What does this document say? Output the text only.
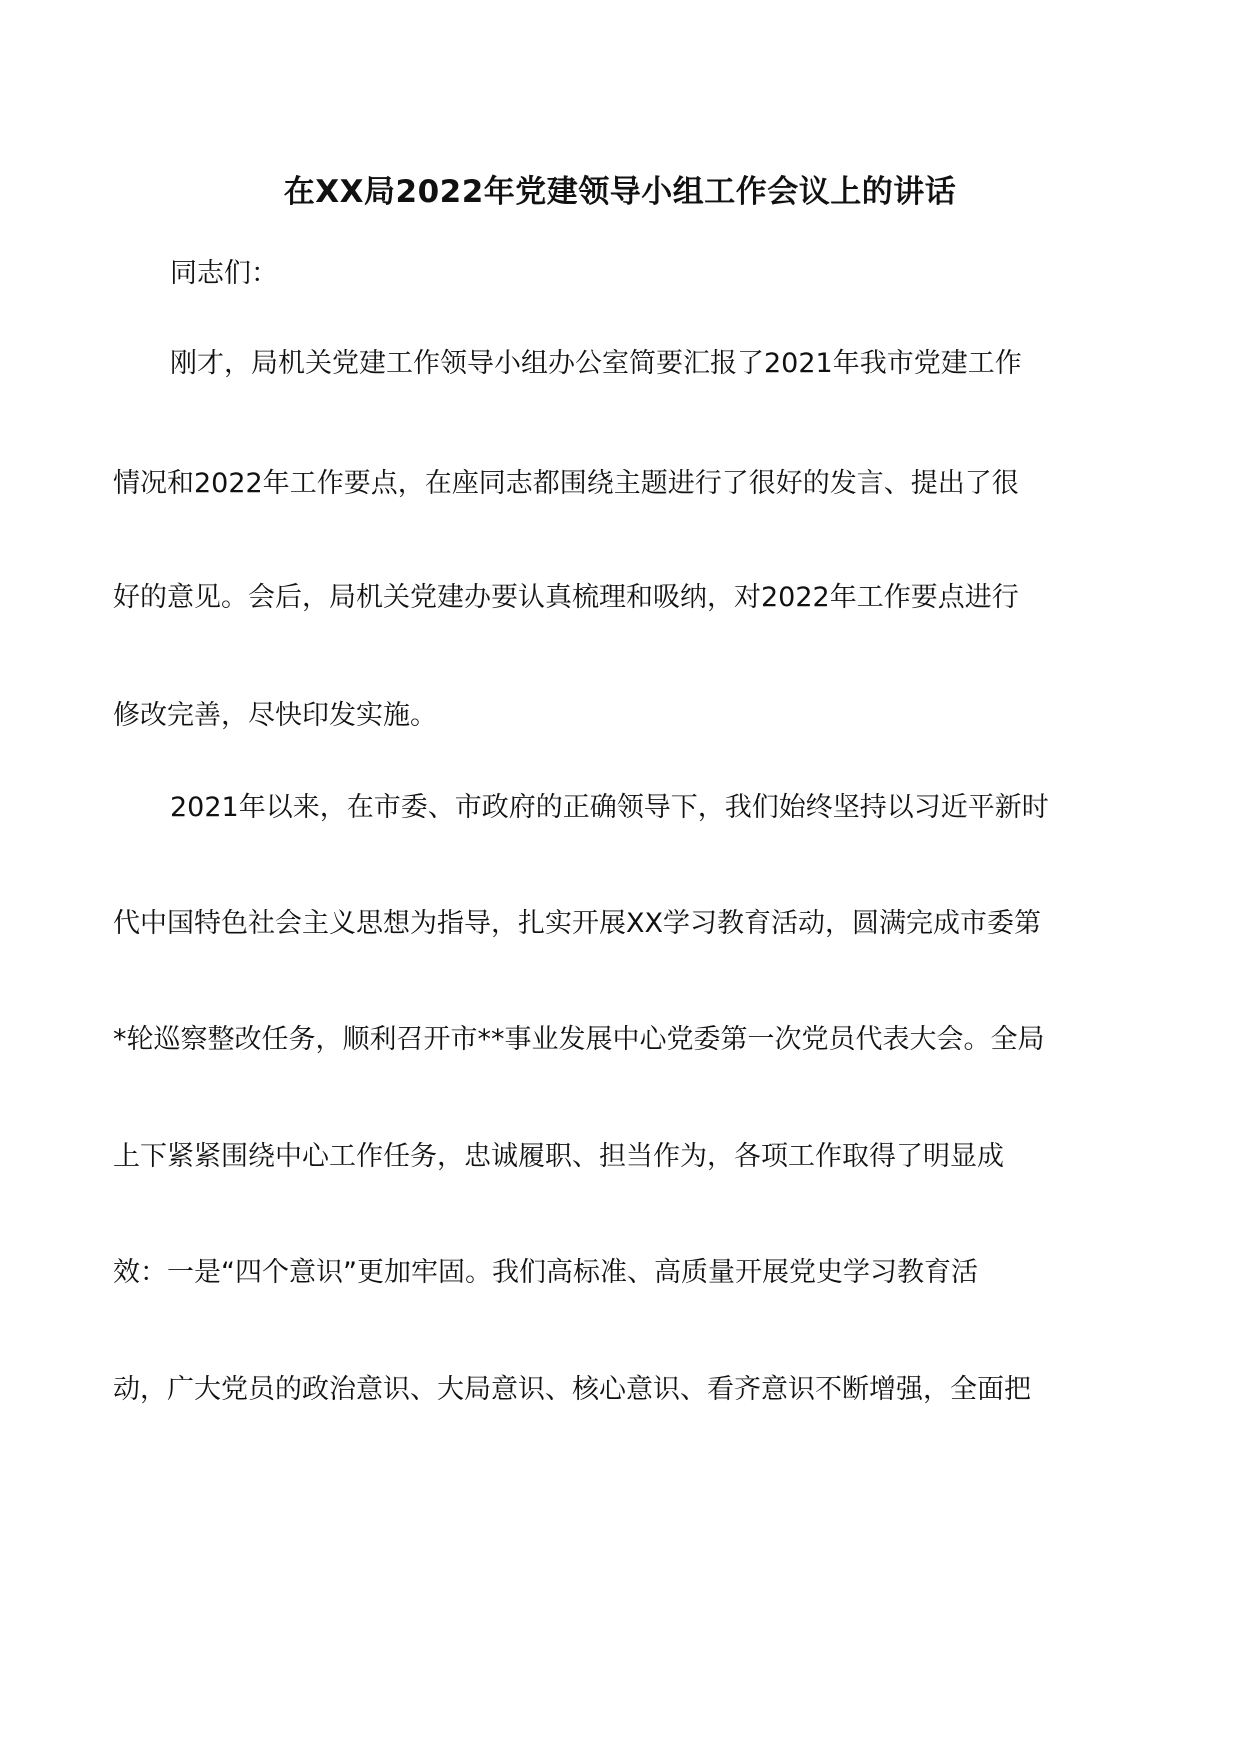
在XX局2022年党建领导小组工作会议上的讲话
同志们：
刚才，局机关党建工作领导小组办公室简要汇报了2021年我市党建工作
情况和2022年工作要点，在座同志都围绕主题进行了很好的发言、提出了很
好的意见。会后，局机关党建办要认真梳理和吸纳，对2022年工作要点进行
修改完善，尽快印发实施。
2021年以来，在市委、市政府的正确领导下，我们始终坚持以习近平新时
代中国特色社会主义思想为指导，扎实开展XX学习教育活动，圆满完成市委第
*轮巡察整改任务，顺利召开市**事业发展中心党委第一次党员代表大会。全局
上下紧紧围绕中心工作任务，忠诚履职、担当作为，各项工作取得了明显成
效：一是“四个意识”更加牢固。我们高标准、高质量开展党史学习教育活
动，广大党员的政治意识、大局意识、核心意识、看齐意识不断增强，全面把
